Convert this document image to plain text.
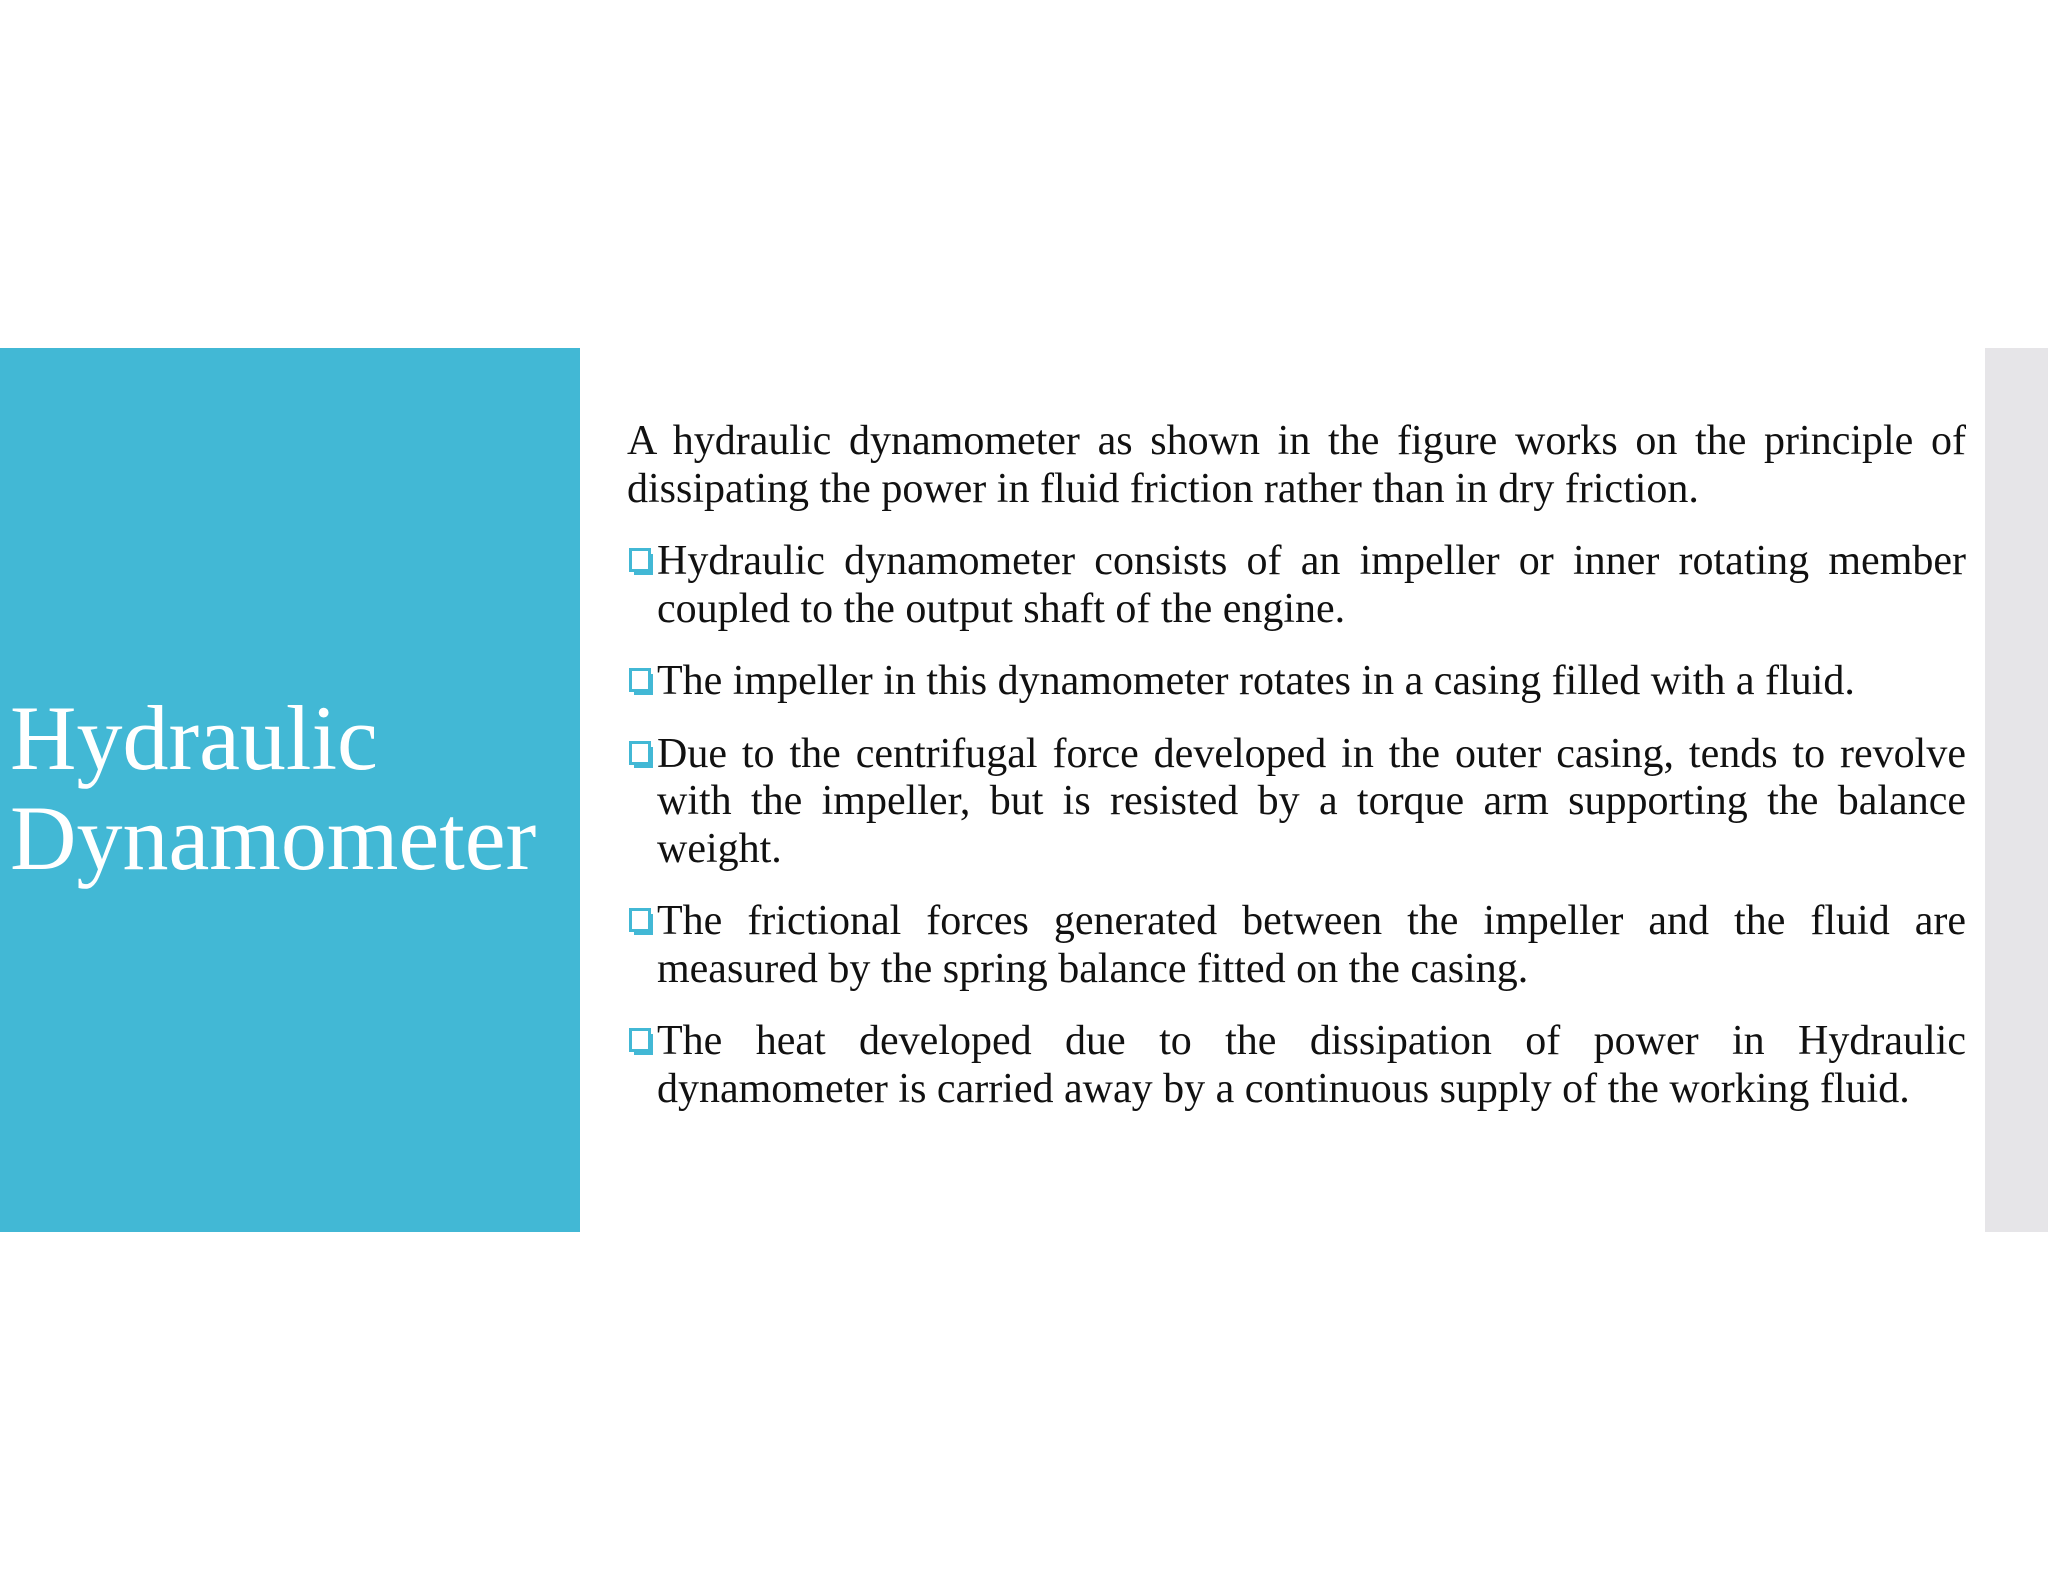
Hydraulic
Dynamometer

A hydraulic dynamometer as shown in the figure works on the principle of dissipating the power in fluid friction rather than in dry friction.

Hydraulic dynamometer consists of an impeller or inner rotating member coupled to the output shaft of the engine.
The impeller in this dynamometer rotates in a casing filled with a fluid.
Due to the centrifugal force developed in the outer casing, tends to revolve with the impeller, but is resisted by a torque arm supporting the balance weight.
The frictional forces generated between the impeller and the fluid are measured by the spring balance fitted on the casing.
The heat developed due to the dissipation of power in Hydraulic dynamometer is carried away by a continuous supply of the working fluid.
